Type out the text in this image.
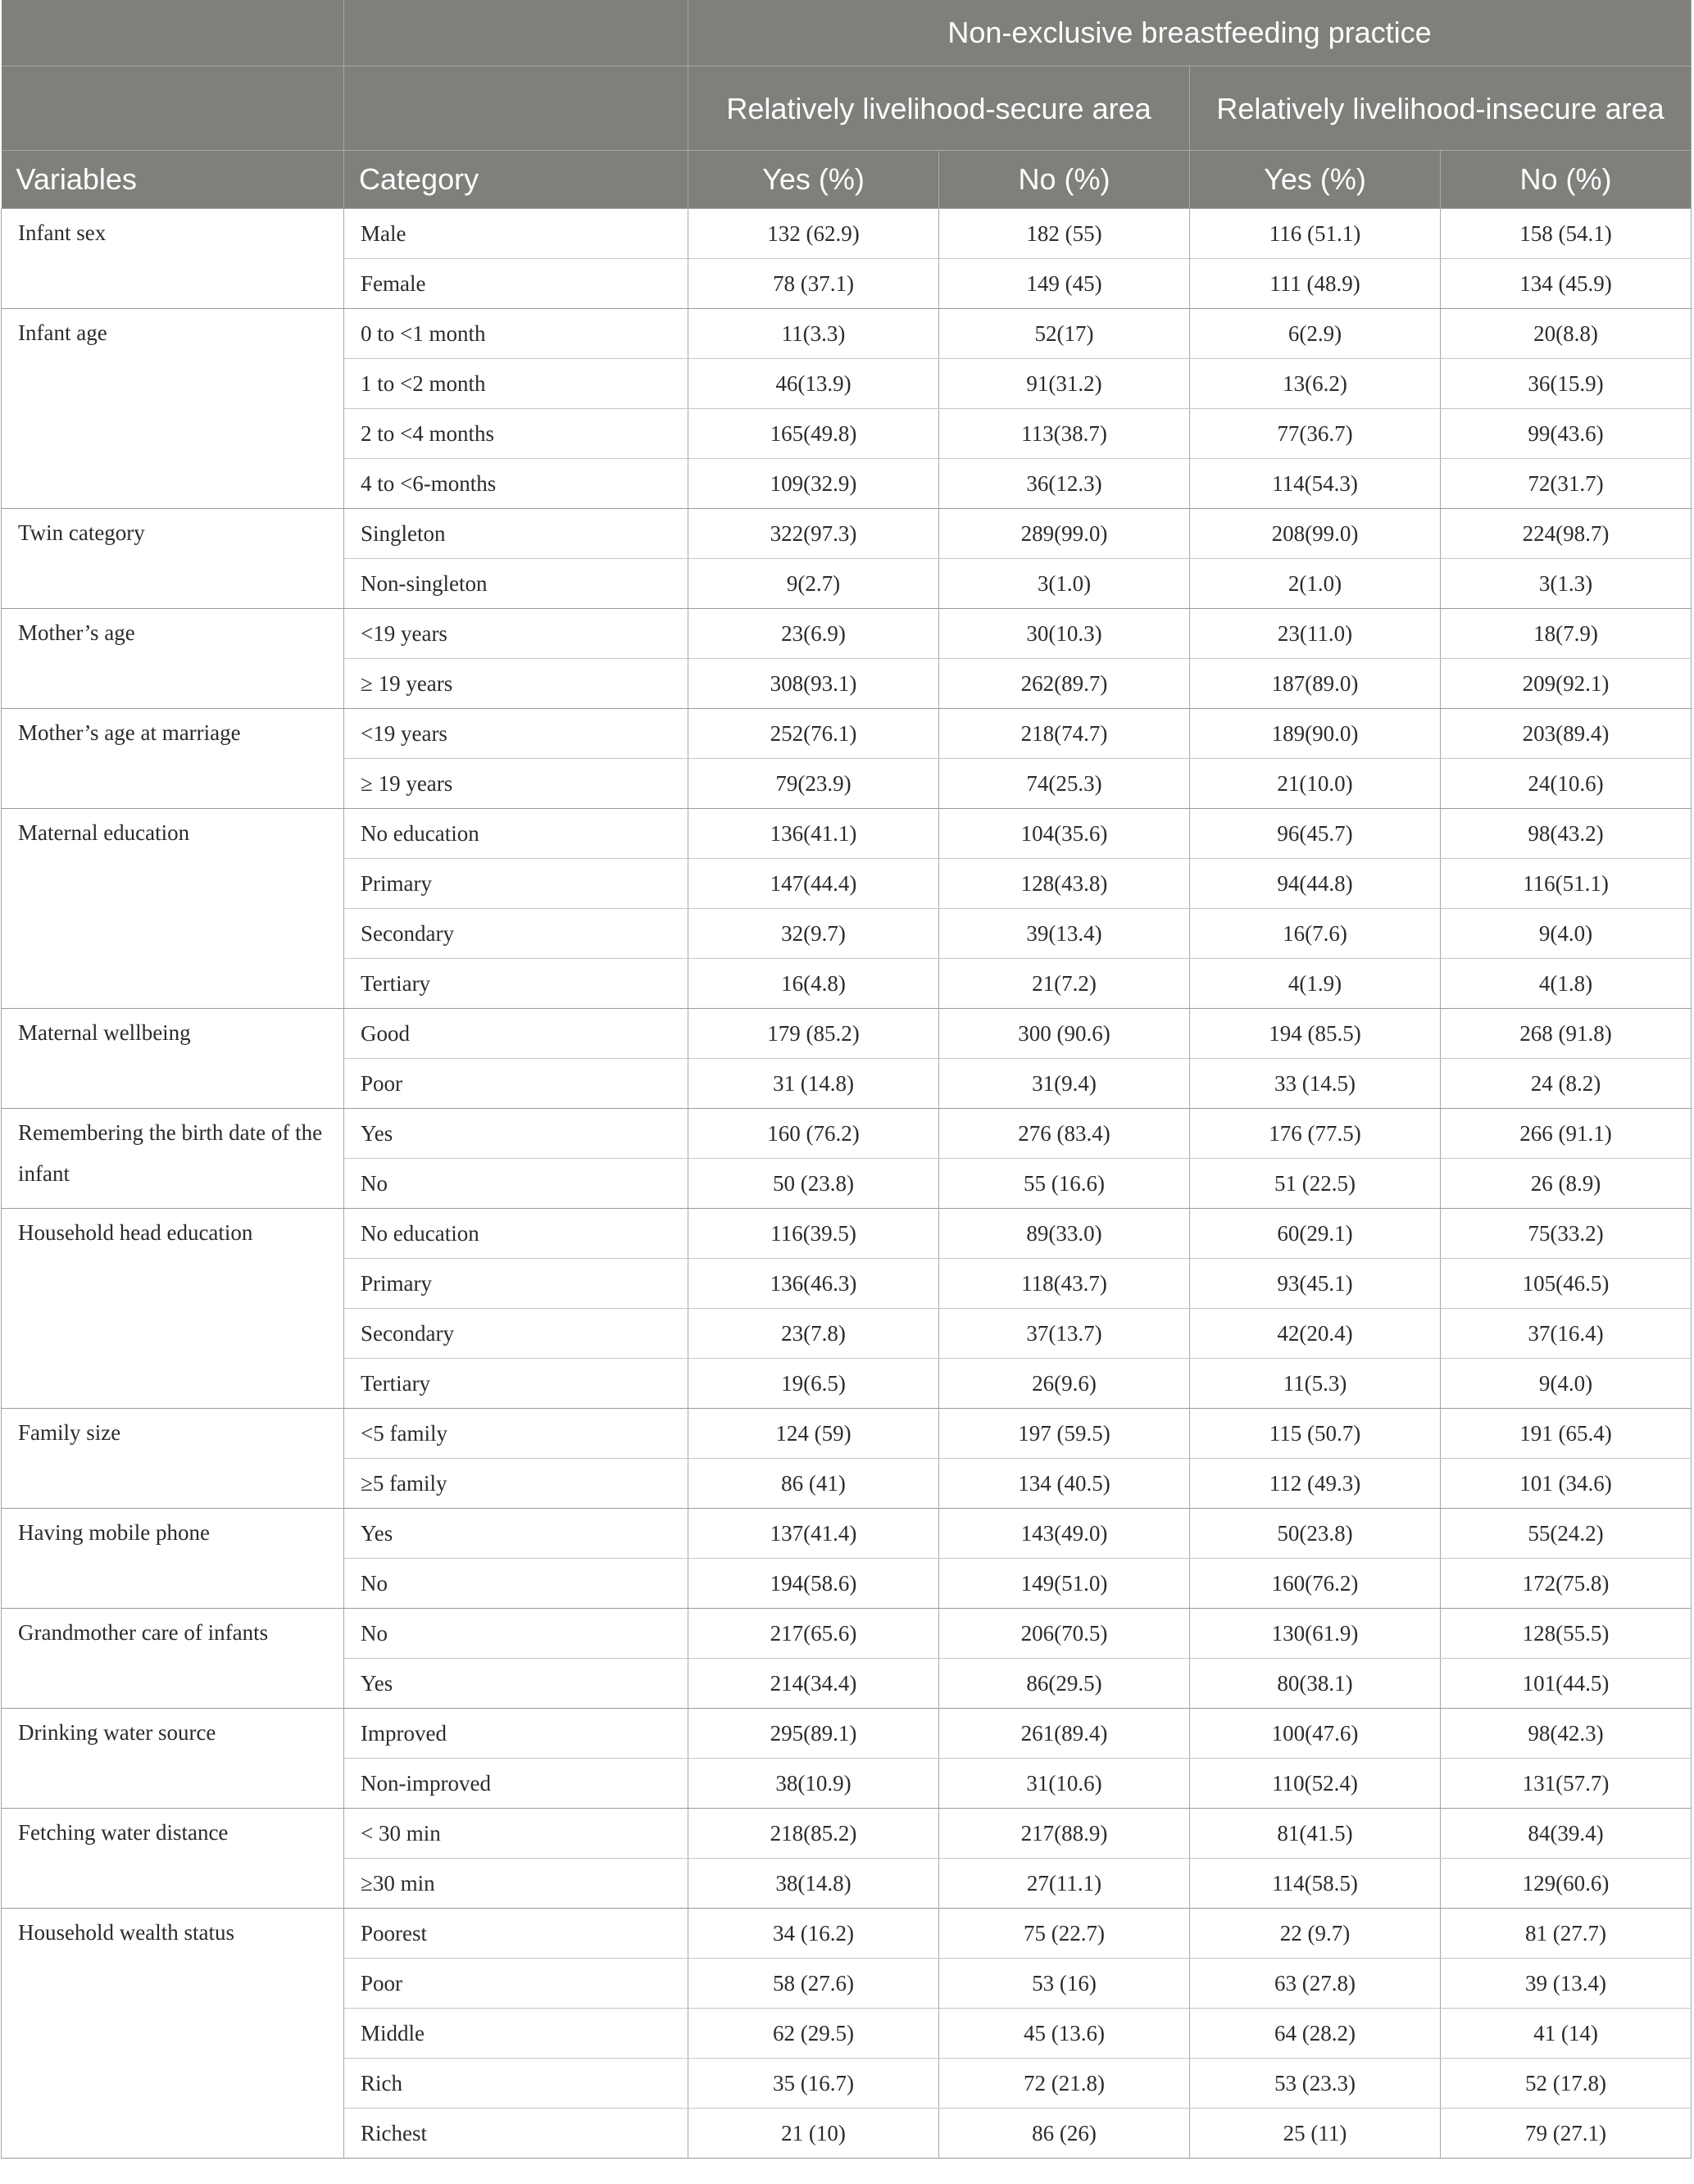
		Non-exclusive breastfeeding practice			
		Relatively livelihood-secure area		Relatively livelihood-insecure area	
Variables	Category	Yes (%)	No (%)	Yes (%)	No (%)
Infant sex	Male	132 (62.9)	182 (55)	116 (51.1)	158 (54.1)
	Female	78 (37.1)	149 (45)	111 (48.9)	134 (45.9)
Infant age	0 to <1 month	11(3.3)	52(17)	6(2.9)	20(8.8)
	1 to <2 month	46(13.9)	91(31.2)	13(6.2)	36(15.9)
	2 to <4 months	165(49.8)	113(38.7)	77(36.7)	99(43.6)
	4 to <6-months	109(32.9)	36(12.3)	114(54.3)	72(31.7)
Twin category	Singleton	322(97.3)	289(99.0)	208(99.0)	224(98.7)
	Non-singleton	9(2.7)	3(1.0)	2(1.0)	3(1.3)
Mother’s age	<19 years	23(6.9)	30(10.3)	23(11.0)	18(7.9)
	≥ 19 years	308(93.1)	262(89.7)	187(89.0)	209(92.1)
Mother’s age at marriage	<19 years	252(76.1)	218(74.7)	189(90.0)	203(89.4)
	≥ 19 years	79(23.9)	74(25.3)	21(10.0)	24(10.6)
Maternal education	No education	136(41.1)	104(35.6)	96(45.7)	98(43.2)
	Primary	147(44.4)	128(43.8)	94(44.8)	116(51.1)
	Secondary	32(9.7)	39(13.4)	16(7.6)	9(4.0)
	Tertiary	16(4.8)	21(7.2)	4(1.9)	4(1.8)
Maternal wellbeing	Good	179 (85.2)	300 (90.6)	194 (85.5)	268 (91.8)
	Poor	31 (14.8)	31(9.4)	33 (14.5)	24 (8.2)
Remembering the birth date of the infant	Yes	160 (76.2)	276 (83.4)	176 (77.5)	266 (91.1)
	No	50 (23.8)	55 (16.6)	51 (22.5)	26 (8.9)
Household head education	No education	116(39.5)	89(33.0)	60(29.1)	75(33.2)
	Primary	136(46.3)	118(43.7)	93(45.1)	105(46.5)
	Secondary	23(7.8)	37(13.7)	42(20.4)	37(16.4)
	Tertiary	19(6.5)	26(9.6)	11(5.3)	9(4.0)
Family size	<5 family	124 (59)	197 (59.5)	115 (50.7)	191 (65.4)
	≥5 family	86 (41)	134 (40.5)	112 (49.3)	101 (34.6)
Having mobile phone	Yes	137(41.4)	143(49.0)	50(23.8)	55(24.2)
	No	194(58.6)	149(51.0)	160(76.2)	172(75.8)
Grandmother care of infants	No	217(65.6)	206(70.5)	130(61.9)	128(55.5)
	Yes	214(34.4)	86(29.5)	80(38.1)	101(44.5)
Drinking water source	Improved	295(89.1)	261(89.4)	100(47.6)	98(42.3)
	Non-improved	38(10.9)	31(10.6)	110(52.4)	131(57.7)
Fetching water distance	< 30 min	218(85.2)	217(88.9)	81(41.5)	84(39.4)
	≥30 min	38(14.8)	27(11.1)	114(58.5)	129(60.6)
Household wealth status	Poorest	34 (16.2)	75 (22.7)	22 (9.7)	81 (27.7)
	Poor	58 (27.6)	53 (16)	63 (27.8)	39 (13.4)
	Middle	62 (29.5)	45 (13.6)	64 (28.2)	41 (14)
	Rich	35 (16.7)	72 (21.8)	53 (23.3)	52 (17.8)
	Richest	21 (10)	86 (26)	25 (11)	79 (27.1)
